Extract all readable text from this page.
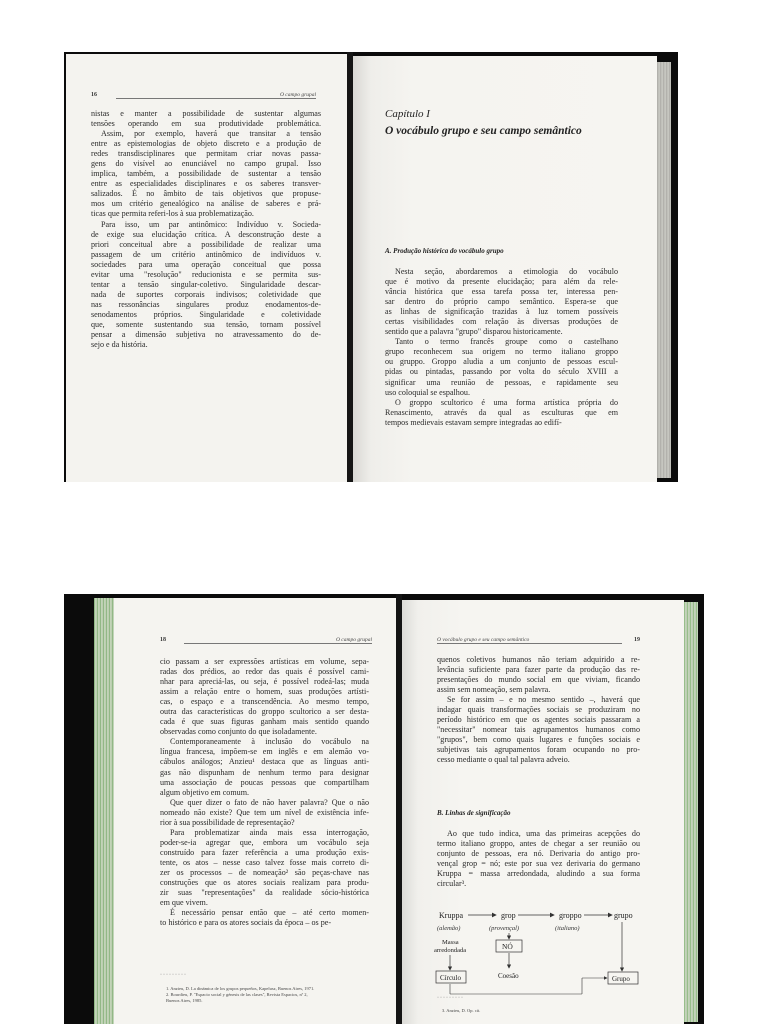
16	O campo grupal
nistas e manter a possibilidade de sustentar algumas
tensões operando em sua produtividade problemática.
Assim, por exemplo, haverá que transitar a tensão
entre as epistemologias de objeto discreto e a produção de
redes transdisciplinares que permitam criar novas passa-
gens do visível ao enunciável no campo grupal. Isso
implica, também, a possibilidade de sustentar a tensão
entre as especialidades disciplinares e os saberes transver-
salizados. É no âmbito de tais objetivos que propuse-
mos um critério genealógico na análise de saberes e prá-
ticas que permita referi-los à sua problematização.
Para isso, um par antinômico: Indivíduo v. Socieda-
de exige sua elucidação crítica. A desconstrução deste a
priori conceitual abre a possibilidade de realizar uma
passagem de um critério antinômico de indivíduos v.
sociedades para uma operação conceitual que possa
evitar uma "resolução" reducionista e se permita sus-
tentar a tensão singular-coletivo. Singularidade descar-
nada de suportes corporais indivisos; coletividade que
nas ressonâncias singulares produz enodamentos-de-
senodamentos próprios. Singularidade e coletividade
que, somente sustentando sua tensão, tornam possível
pensar a dimensão subjetiva no atravessamento do de-
sejo e da história.
Capítulo I
O vocábulo grupo e seu campo semântico
A. Produção histórica do vocábulo grupo
Nesta seção, abordaremos a etimologia do vocábulo
que é motivo da presente elucidação; para além da rele-
vância histórica que essa tarefa possa ter, interessa pen-
sar dentro do próprio campo semântico. Espera-se que
as linhas de significação trazidas à luz tornem possíveis
certas visibilidades com relação às diversas produções de
sentido que a palavra "grupo" disparou historicamente.
Tanto o termo francês groupe como o castelhano
grupo reconhecem sua origem no termo italiano groppo
ou gruppo. Groppo aludia a um conjunto de pessoas escul-
pidas ou pintadas, passando por volta do século XVIII a
significar uma reunião de pessoas, e rapidamente seu
uso coloquial se espalhou.
O groppo scultorico é uma forma artística própria do
Renascimento, através da qual as esculturas que em
tempos medievais estavam sempre integradas ao edifí-
18	O campo grupal
cio passam a ser expressões artísticas em volume, sepa-
radas dos prédios, ao redor das quais é possível cami-
nhar para apreciá-las, ou seja, é possível rodeá-las; muda
assim a relação entre o homem, suas produções artísti-
cas, o espaço e a transcendência. Ao mesmo tempo,
outra das características do groppo scultorico a ser desta-
cada é que suas figuras ganham mais sentido quando
observadas como conjunto do que isoladamente.
Contemporaneamente à inclusão do vocábulo na
língua francesa, impõem-se em inglês e em alemão vo-
cábulos análogos; Anzieu¹ destaca que as línguas anti-
gas não dispunham de nenhum termo para designar
uma associação de poucas pessoas que compartilham
algum objetivo em comum.
Que quer dizer o fato de não haver palavra? Que o não
nomeado não existe? Que tem um nível de existência infe-
rior à sua possibilidade de representação?
Para problematizar ainda mais essa interrogação,
poder-se-ia agregar que, embora um vocábulo seja
construído para fazer referência a uma produção exis-
tente, os atos – nesse caso talvez fosse mais correto di-
zer os processos – de nomeação² são peças-chave nas
construções que os atores sociais realizam para produ-
zir suas "representações" da realidade sócio-histórica
em que vivem.
É necessário pensar então que – até certo momen-
to histórico e para os atores sociais da época – os pe-
·········
1. Anzieu, D. La dinámica de los grupos pequeños, Kapelusz, Buenos Aires, 1971.
2. Bourdieu, P. "Espacio social y génesis de las clases", Revista Espacios, nº 2,
Buenos Aires, 1985.
O vocábulo grupo e seu campo semântico	19
quenos coletivos humanos não teriam adquirido a re-
levância suficiente para fazer parte da produção das re-
presentações do mundo social em que viviam, ficando
assim sem nomeação, sem palavra.
Se for assim – e no mesmo sentido –, haverá que
indagar quais transformações sociais se produziram no
período histórico em que os agentes sociais passaram a
"necessitar" nomear tais agrupamentos humanos como
"grupos", bem como quais lugares e funções sociais e
subjetivas tais agrupamentos foram ocupando no pro-
cesso mediante o qual tal palavra adveio.
B. Linhas de significação
Ao que tudo indica, uma das primeiras acepções do
termo italiano groppo, antes de chegar a ser reunião ou
conjunto de pessoas, era nó. Derivaria do antigo pro-
vençal grop = nó; este por sua vez derivaria do germano
Kruppa = massa arredondada, aludindo a sua forma
circular³.
Kruppa
(alemão)
grop
(provençal)
groppo
(italiano)
grupo
Massa
arredondada	NÓ
Círculo	Coesão	Grupo
·········
3. Anzieu, D. Op. cit.
